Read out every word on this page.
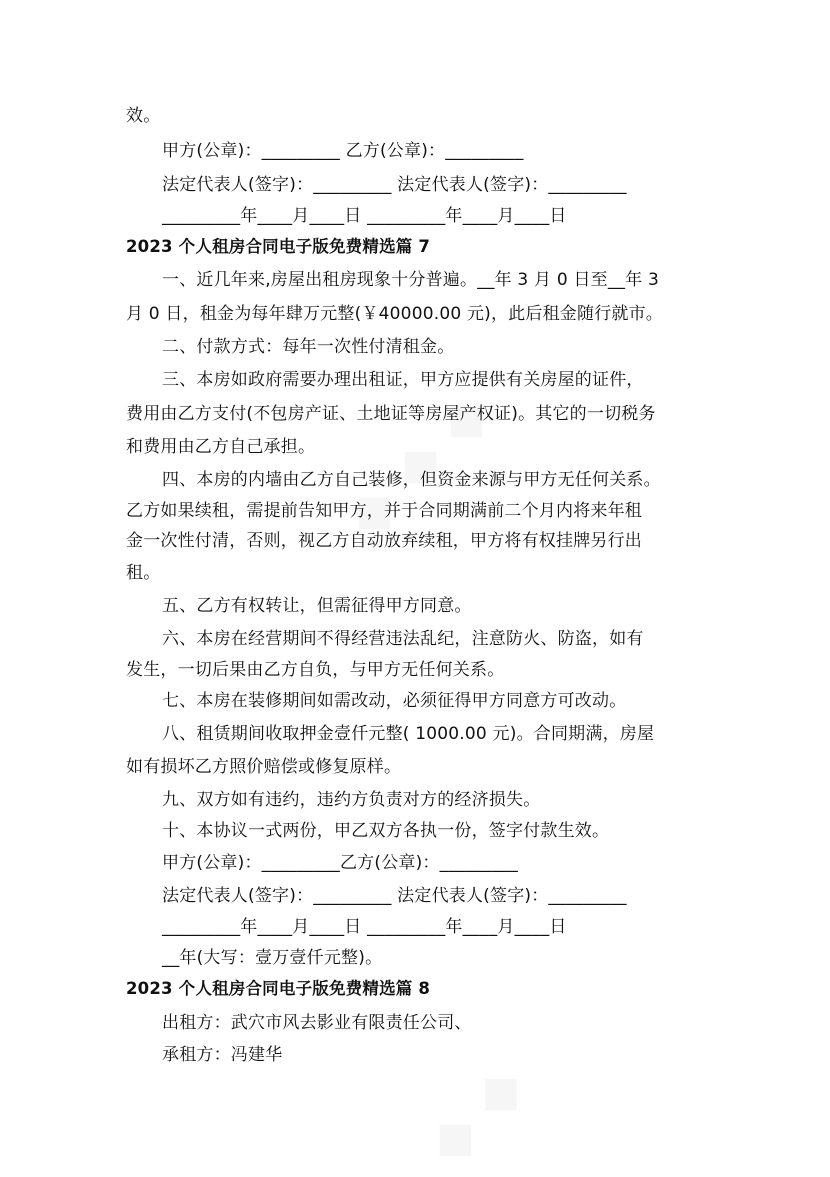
效。
甲方(公章)：_________ 乙方(公章)：_________
法定代表人(签字)：_________ 法定代表人(签字)：_________
_________年____月____日 _________年____月____日
2023 个人租房合同电子版免费精选篇 7
一、近几年来,房屋出租房现象十分普遍。__年 3 月 0 日至__年 3
月 0 日，租金为每年肆万元整(￥40000.00 元)，此后租金随行就市。
二、付款方式：每年一次性付清租金。
三、本房如政府需要办理出租证，甲方应提供有关房屋的证件，
费用由乙方支付(不包房产证、土地证等房屋产权证)。其它的一切税务
和费用由乙方自己承担。
四、本房的内墙由乙方自己装修，但资金来源与甲方无任何关系。
乙方如果续租，需提前告知甲方，并于合同期满前二个月内将来年租
金一次性付清，否则，视乙方自动放弃续租，甲方将有权挂牌另行出
租。
五、乙方有权转让，但需征得甲方同意。
六、本房在经营期间不得经营违法乱纪，注意防火、防盗，如有
发生，一切后果由乙方自负，与甲方无任何关系。
七、本房在装修期间如需改动，必须征得甲方同意方可改动。
八、租赁期间收取押金壹仟元整( 1000.00 元)。合同期满，房屋
如有损坏乙方照价赔偿或修复原样。
九、双方如有违约，违约方负责对方的经济损失。
十、本协议一式两份，甲乙双方各执一份，签字付款生效。
甲方(公章)：_________乙方(公章)：_________
法定代表人(签字)：_________ 法定代表人(签字)：_________
_________年____月____日 _________年____月____日
__年(大写：壹万壹仟元整)。
2023 个人租房合同电子版免费精选篇 8
出租方：武穴市风去影业有限责任公司、
承租方：冯建华
